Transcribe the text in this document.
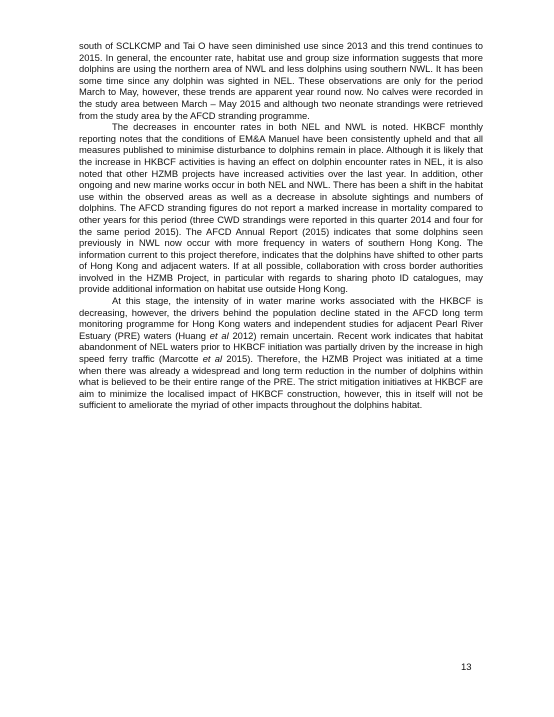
south of SCLKCMP and Tai O have seen diminished use since 2013 and this trend continues to 2015. In general, the encounter rate, habitat use and group size information suggests that more dolphins are using the northern area of NWL and less dolphins using southern NWL. It has been some time since any dolphin was sighted in NEL. These observations are only for the period March to May, however, these trends are apparent year round now. No calves were recorded in the study area between March – May 2015 and although two neonate strandings were retrieved from the study area by the AFCD stranding programme.

The decreases in encounter rates in both NEL and NWL is noted. HKBCF monthly reporting notes that the conditions of EM&A Manuel have been consistently upheld and that all measures published to minimise disturbance to dolphins remain in place. Although it is likely that the increase in HKBCF activities is having an effect on dolphin encounter rates in NEL, it is also noted that other HZMB projects have increased activities over the last year. In addition, other ongoing and new marine works occur in both NEL and NWL. There has been a shift in the habitat use within the observed areas as well as a decrease in absolute sightings and numbers of dolphins. The AFCD stranding figures do not report a marked increase in mortality compared to other years for this period (three CWD strandings were reported in this quarter 2014 and four for the same period 2015). The AFCD Annual Report (2015) indicates that some dolphins seen previously in NWL now occur with more frequency in waters of southern Hong Kong. The information current to this project therefore, indicates that the dolphins have shifted to other parts of Hong Kong and adjacent waters. If at all possible, collaboration with cross border authorities involved in the HZMB Project, in particular with regards to sharing photo ID catalogues, may provide additional information on habitat use outside Hong Kong.

At this stage, the intensity of in water marine works associated with the HKBCF is decreasing, however, the drivers behind the population decline stated in the AFCD long term monitoring programme for Hong Kong waters and independent studies for adjacent Pearl River Estuary (PRE) waters (Huang et al 2012) remain uncertain. Recent work indicates that habitat abandonment of NEL waters prior to HKBCF initiation was partially driven by the increase in high speed ferry traffic (Marcotte et al 2015). Therefore, the HZMB Project was initiated at a time when there was already a widespread and long term reduction in the number of dolphins within what is believed to be their entire range of the PRE. The strict mitigation initiatives at HKBCF are aim to minimize the localised impact of HKBCF construction, however, this in itself will not be sufficient to ameliorate the myriad of other impacts throughout the dolphins habitat.

13
